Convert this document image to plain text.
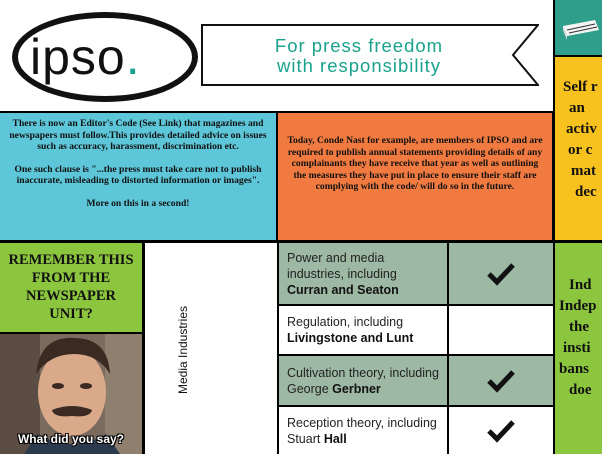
ipso.	For press freedom
with responsibility
Self r
an
activ
or c
mat
dec
Ind
Indep
the
insti
bans
doe
There is now an Editor's Code (See Link) that magazines and newspapers must follow.This provides detailed advice on issues such as accuracy, harassment, discrimination etc.
One such clause is "...the press must take care not to publish inaccurate, misleading to distorted information or images".
More on this in a second!
Today, Conde Nast for example, are members of IPSO and are required to publish annual statements providing details of any complainants they have receive that year as well as outlining the measures they have put in place to ensure their staff are complying with the code/ will do so in the future.
REMEMBER THIS FROM THE NEWSPAPER UNIT?
What did you say?
Media Industries
Power and media industries, including Curran and Seaton
Regulation, including Livingstone and Lunt
Cultivation theory, including George Gerbner
Reception theory, including Stuart Hall
